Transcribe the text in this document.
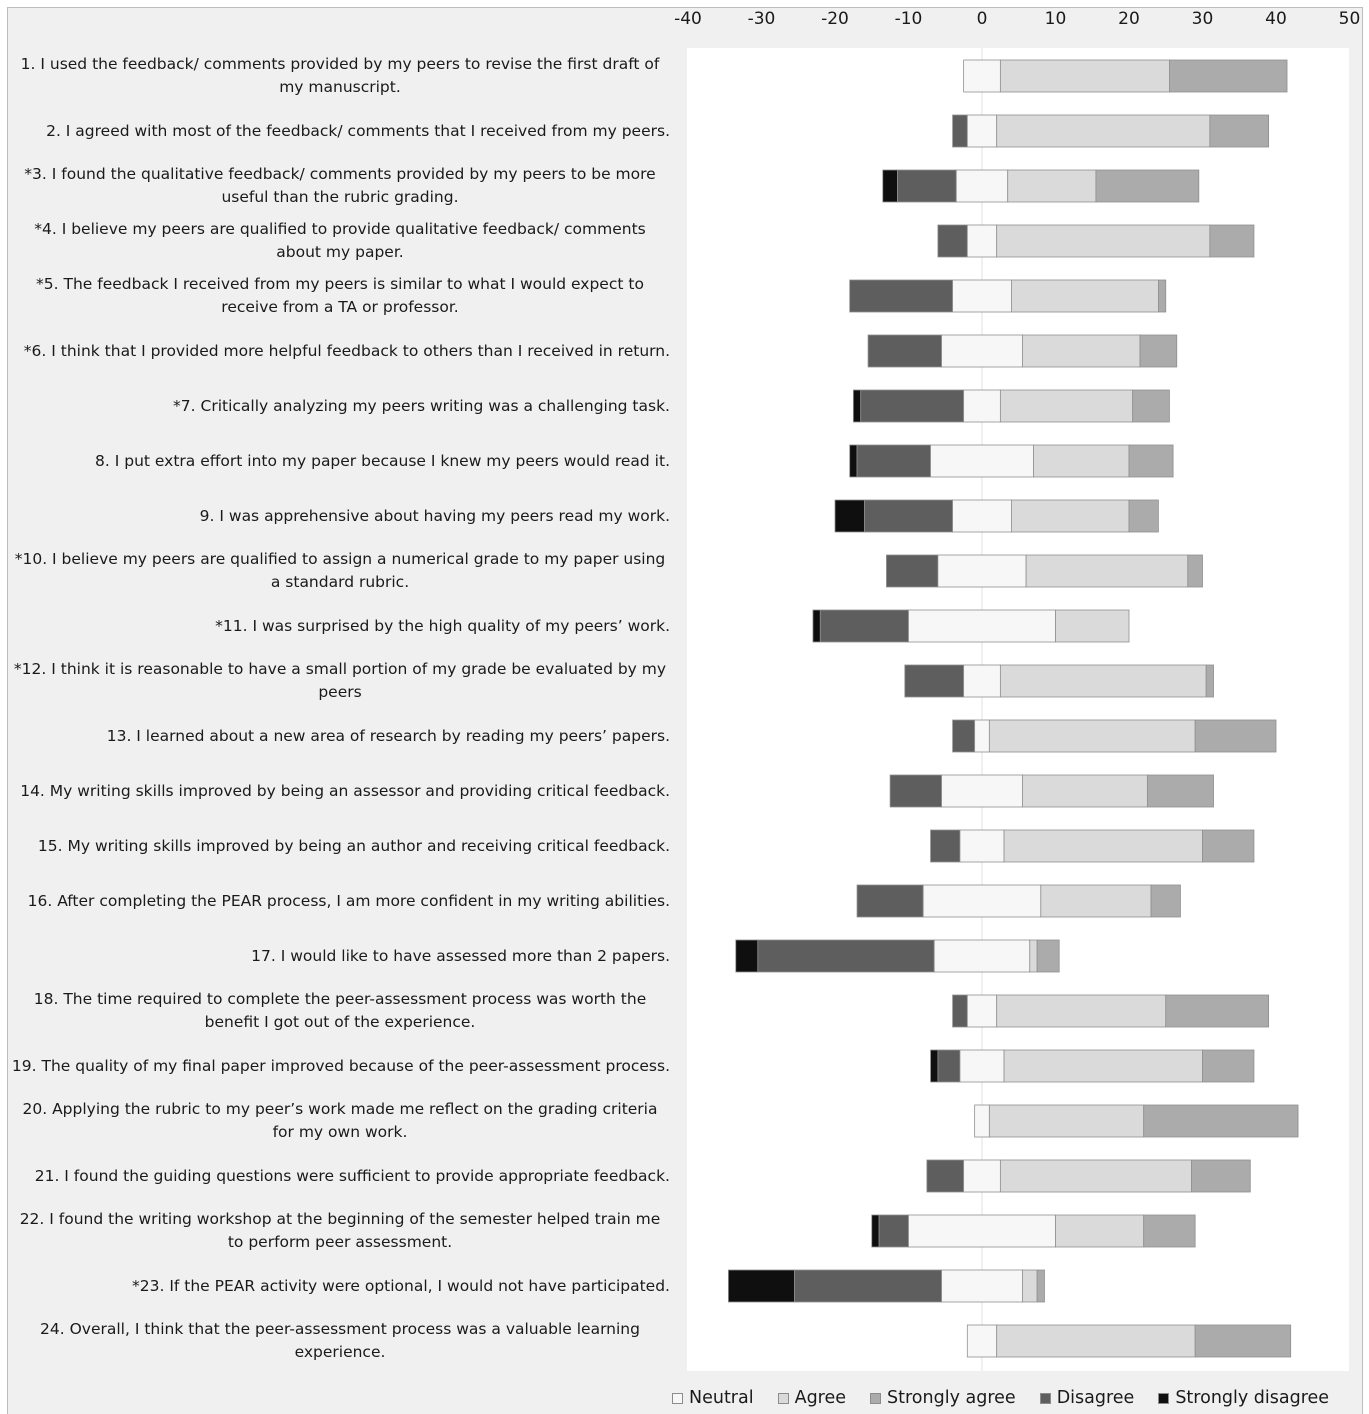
1. I used the feedback/ comments provided by my peers to revise the first draft of my manuscript.
2. I agreed with most of the feedback/ comments that I received from my peers.
*3. I found the qualitative feedback/ comments provided by my peers to be more useful than the rubric grading.
*4. I believe my peers are qualified to provide qualitative feedback/ comments about my paper.
*5. The feedback I received from my peers is similar to what I would expect to receive from a TA or professor.
*6. I think that I provided more helpful feedback to others than I received in return.
*7. Critically analyzing my peers writing was a challenging task.
8. I put extra effort into my paper because I knew my peers would read it.
9. I was apprehensive about having my peers read my work.
*10. I believe my peers are qualified to assign a numerical grade to my paper using a standard rubric.
*11. I was surprised by the high quality of my peers’ work.
*12. I think it is reasonable to have a small portion of my grade be evaluated by my peers
13. I learned about a new area of research by reading my peers’ papers.
14. My writing skills improved by being an assessor and providing critical feedback.
15. My writing skills improved by being an author and receiving critical feedback.
16. After completing the PEAR process, I am more confident in my writing abilities.
17. I would like to have assessed more than 2 papers.
18. The time required to complete the peer-assessment process was worth the benefit I got out of the experience.
19. The quality of my final paper improved because of the peer-assessment process.
20. Applying the rubric to my peer’s work made me reflect on the grading criteria for my own work.
21. I found the guiding questions were sufficient to provide appropriate feedback.
22. I found the writing workshop at the beginning of the semester helped train me to perform peer assessment.
*23. If the PEAR activity were optional, I would not have participated.
24. Overall, I think that the peer-assessment process was a valuable learning experience.
-40	-30	-20	-10	0	10	20	30	40	50
Neutral Agree Strongly agree Disagree Strongly disagree
